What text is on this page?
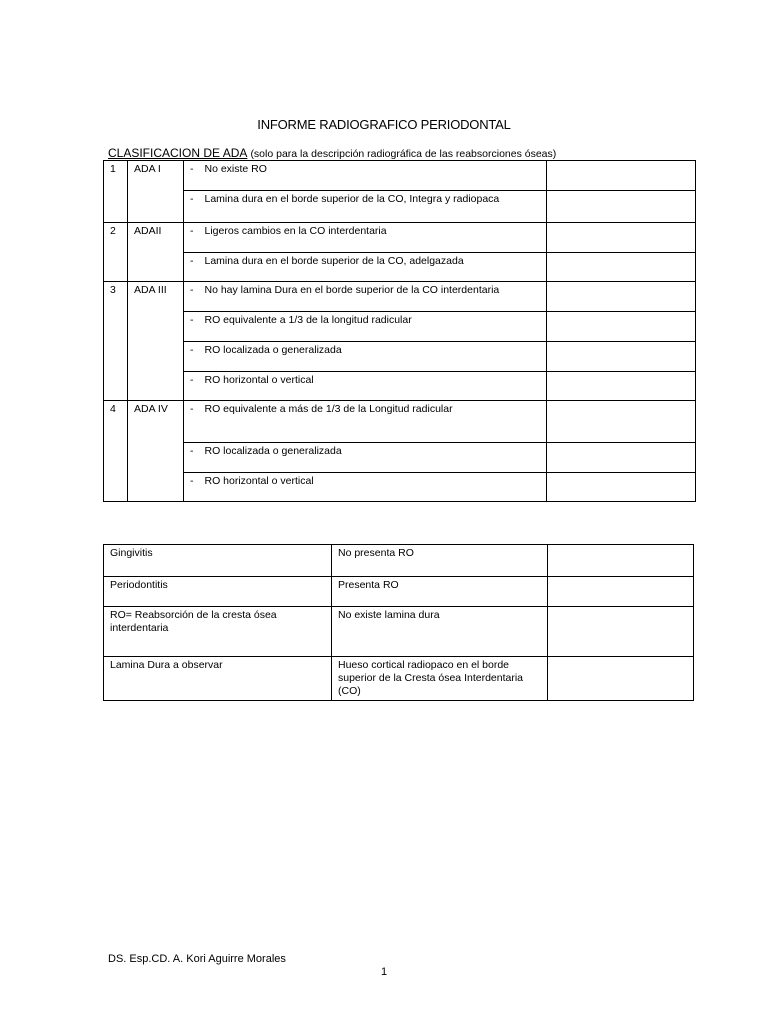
INFORME RADIOGRAFICO PERIODONTAL
CLASIFICACION DE ADA (solo para la descripción radiográfica de las reabsorciones óseas)
1	ADA I	-	No existe RO	
		-	Lamina dura en el borde superior de la CO, Integra y radiopaca	
2	ADAII	-	Ligeros cambios en la CO interdentaria	
		-	Lamina dura en el borde superior de la CO, adelgazada	
3	ADA III	-	No hay lamina Dura en el borde superior de la CO interdentaria	
		-	RO equivalente a 1/3 de la longitud radicular	
		-	RO localizada o generalizada	
		-	RO horizontal o vertical	
4	ADA IV	-	RO equivalente a más de 1/3 de la Longitud radicular	
		-	RO localizada o generalizada	
		-	RO horizontal o vertical	
Gingivitis	No presenta RO	
Periodontitis	Presenta RO	
RO= Reabsorción de la cresta ósea interdentaria	No existe lamina dura	
Lamina Dura a observar	Hueso cortical radiopaco en el borde superior de la Cresta ósea Interdentaria (CO)	
DS. Esp.CD. A. Kori Aguirre Morales
1
